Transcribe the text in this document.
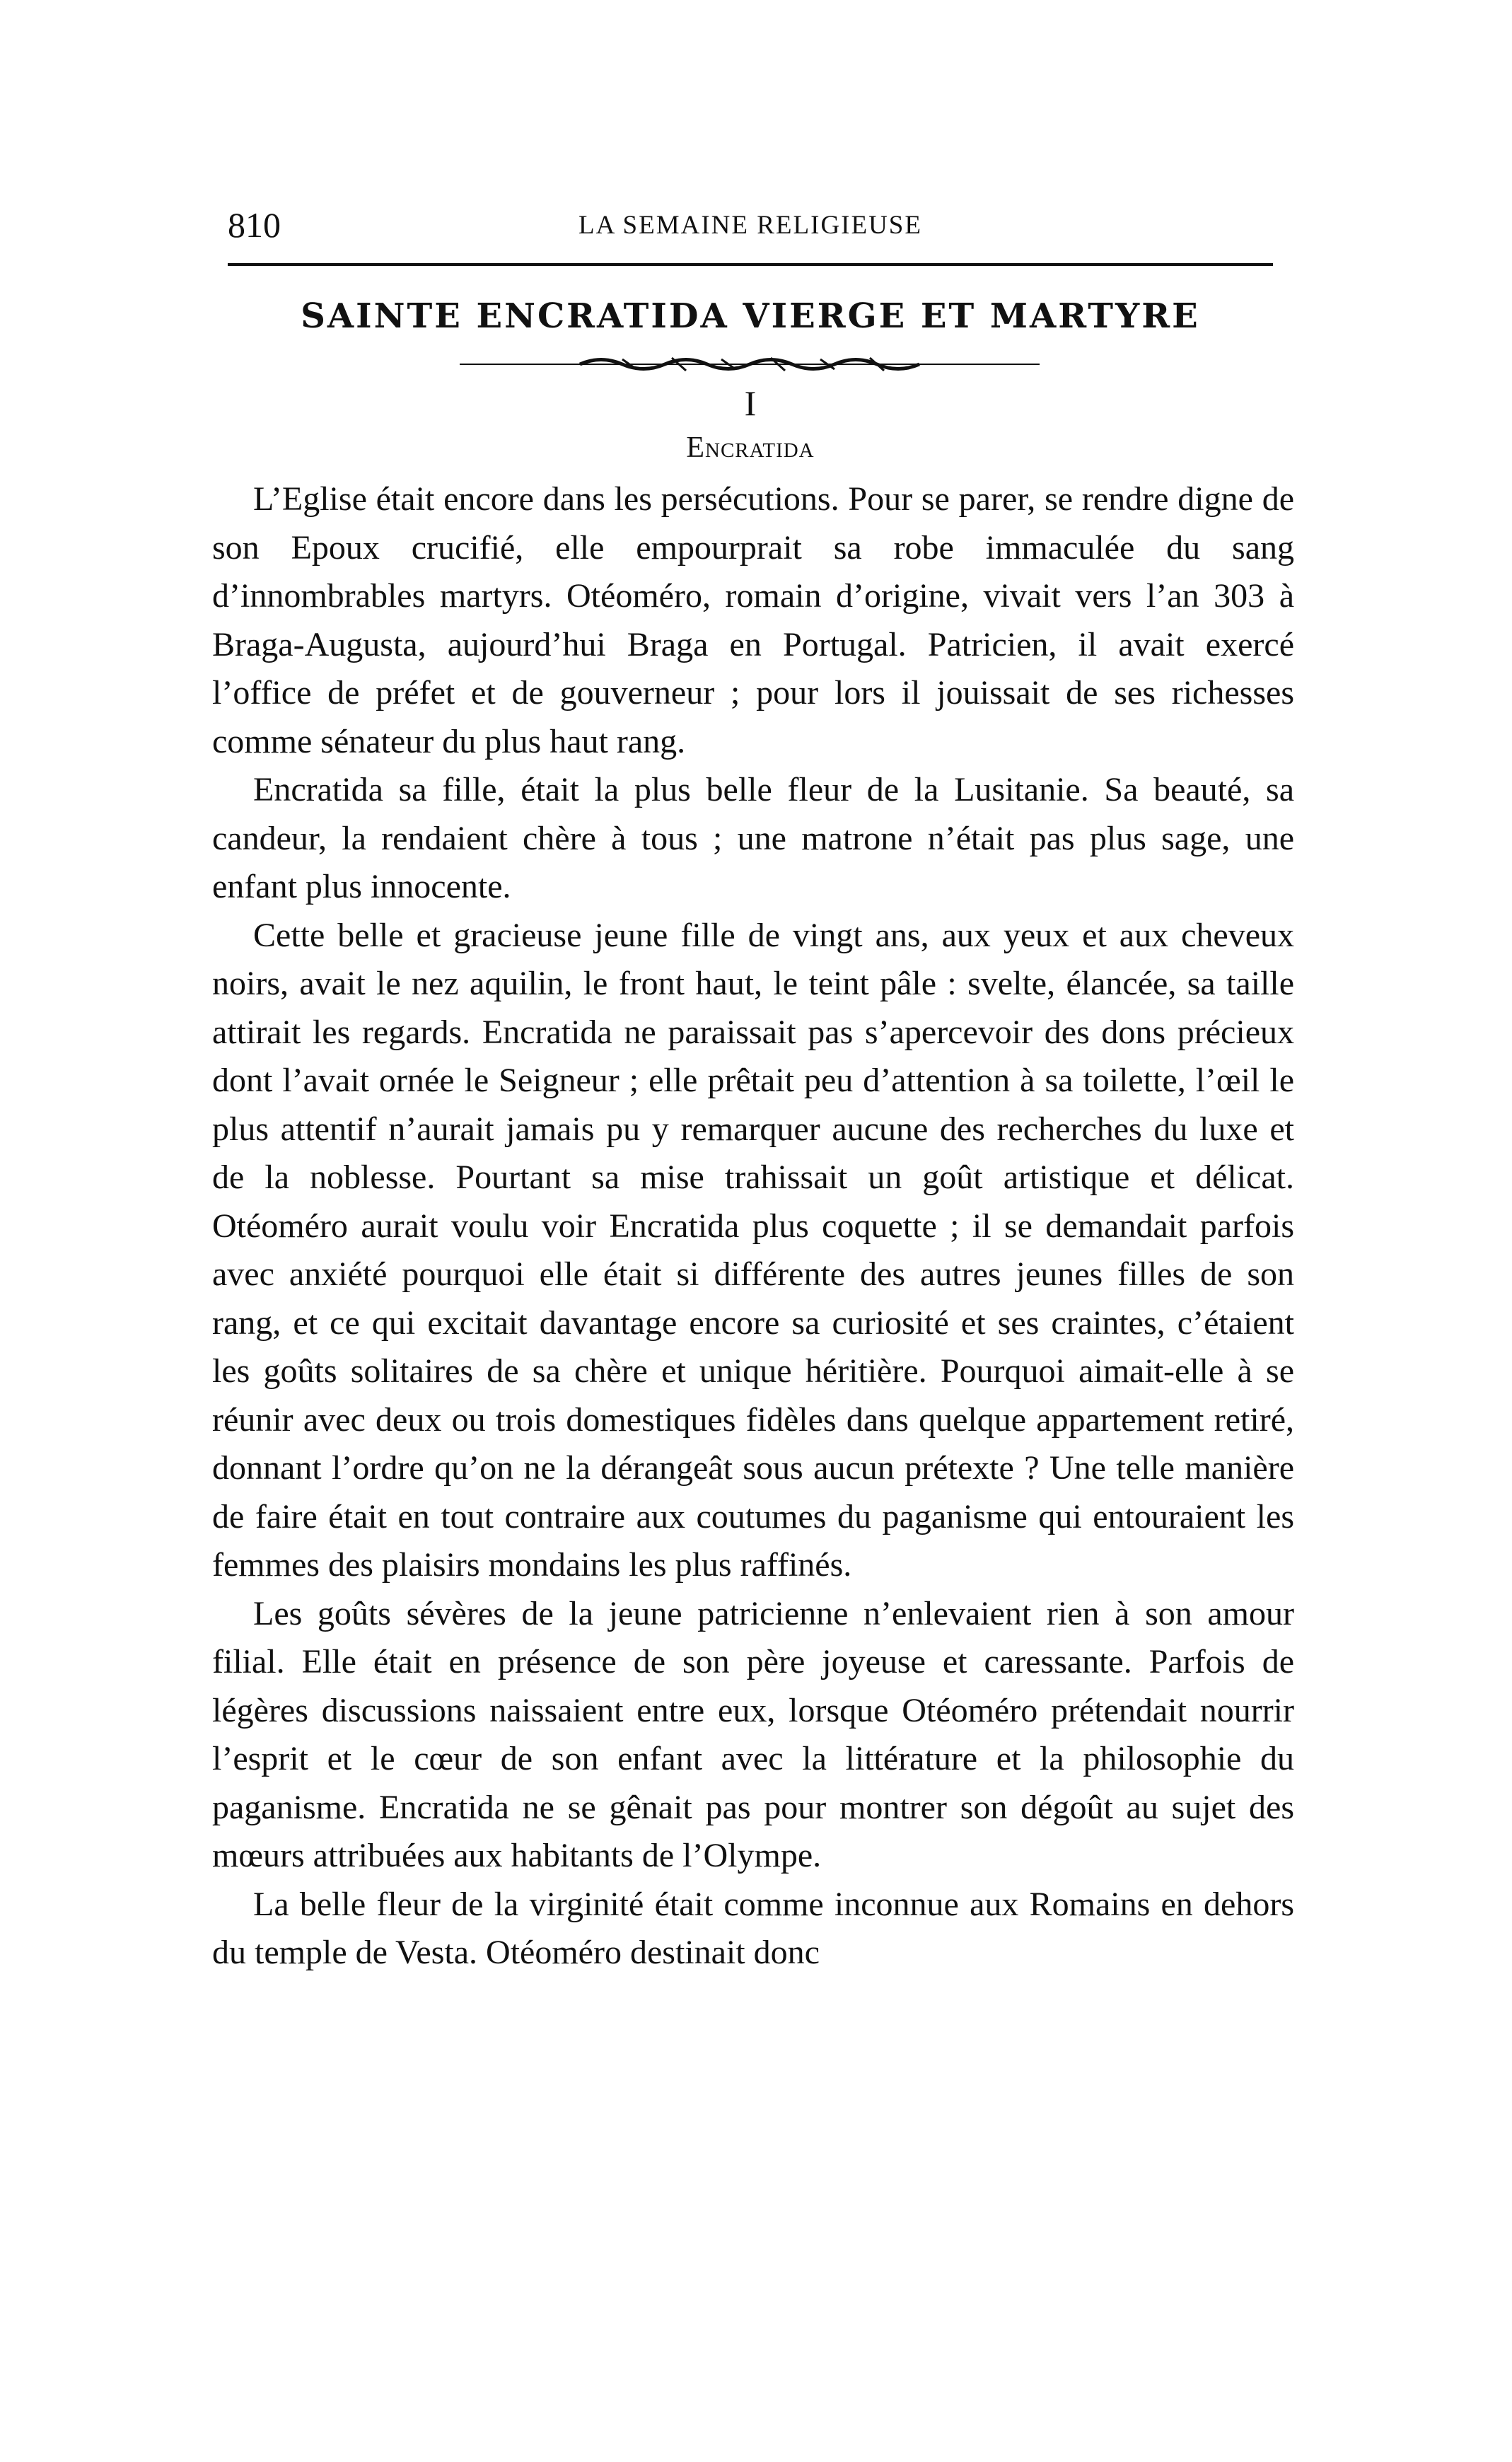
810	LA SEMAINE RELIGIEUSE
SAINTE ENCRATIDA VIERGE ET MARTYRE
I
Encratida

L’Eglise était encore dans les persécutions. Pour se parer, se rendre digne de son Epoux crucifié, elle empourprait sa robe immaculée du sang d’innombrables martyrs. Otéoméro, romain d’origine, vivait vers l’an 303 à Braga-Augusta, aujourd’hui Braga en Portugal. Patricien, il avait exercé l’office de préfet et de gouverneur ; pour lors il jouissait de ses richesses comme sénateur du plus haut rang.

Encratida sa fille, était la plus belle fleur de la Lusitanie. Sa beauté, sa candeur, la rendaient chère à tous ; une matrone n’était pas plus sage, une enfant plus innocente.

Cette belle et gracieuse jeune fille de vingt ans, aux yeux et aux cheveux noirs, avait le nez aquilin, le front haut, le teint pâle : svelte, élancée, sa taille attirait les regards. Encratida ne paraissait pas s’apercevoir des dons précieux dont l’avait ornée le Seigneur ; elle prêtait peu d’attention à sa toilette, l’œil le plus attentif n’aurait jamais pu y remarquer aucune des recherches du luxe et de la noblesse. Pourtant sa mise trahissait un goût artistique et délicat. Otéoméro aurait voulu voir Encratida plus coquette ; il se demandait parfois avec anxiété pourquoi elle était si différente des autres jeunes filles de son rang, et ce qui excitait davantage encore sa curiosité et ses craintes, c’étaient les goûts solitaires de sa chère et unique héritière. Pourquoi aimait-elle à se réunir avec deux ou trois domestiques fidèles dans quelque appartement retiré, donnant l’ordre qu’on ne la dérangeât sous aucun prétexte ? Une telle manière de faire était en tout contraire aux coutumes du paganisme qui entouraient les femmes des plaisirs mondains les plus raffinés.

Les goûts sévères de la jeune patricienne n’enlevaient rien à son amour filial. Elle était en présence de son père joyeuse et caressante. Parfois de légères discussions naissaient entre eux, lorsque Otéoméro prétendait nourrir l’esprit et le cœur de son enfant avec la littérature et la philosophie du paganisme. Encratida ne se gênait pas pour montrer son dégoût au sujet des mœurs attribuées aux habitants de l’Olympe.

La belle fleur de la virginité était comme inconnue aux Romains en dehors du temple de Vesta. Otéoméro destinait donc
